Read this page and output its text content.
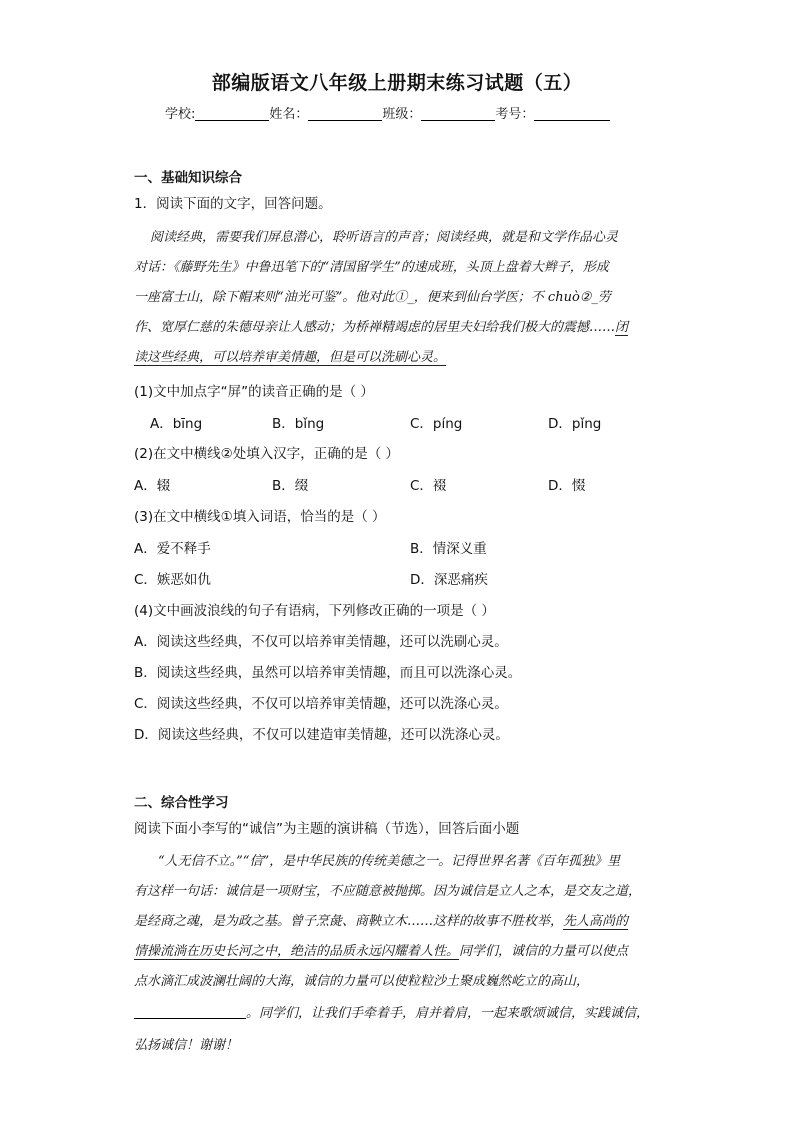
部编版语文八年级上册期末练习试题（五）
学校:	姓名：	班级：	考号：
一、基础知识综合
1．阅读下面的文字，回答问题。
阅读经典，需要我们屏息潜心，聆听语言的声音；阅读经典，就是和文学作品心灵
对话：《藤野先生》中鲁迅笔下的“清国留学生”的速成班，头顶上盘着大辫子，形成
一座富士山，除下帽来则“油光可鉴”。他对此①_，便来到仙台学医；不 chuò②_劳
作、宽厚仁慈的朱德母亲让人感动；为桥禅精竭虑的居里夫妇给我们极大的震撼……闭
读这些经典，可以培养审美情趣，但是可以洗刷心灵。
(1)文中加点字“屏”的读音正确的是（ ）
A．bīng	B．bǐng	C．píng	D．pǐng
(2)在文中横线②处填入汉字，正确的是（ ）
A．辍	B．缀	C．裰	D．惙
(3)在文中横线①填入词语，恰当的是（ ）
A．爱不释手	B．情深义重
C．嫉恶如仇	D．深恶痛疾
(4)文中画波浪线的句子有语病，下列修改正确的一项是（ ）
A．阅读这些经典，不仅可以培养审美情趣，还可以洗刷心灵。
B．阅读这些经典，虽然可以培养审美情趣，而且可以洗涤心灵。
C．阅读这些经典，不仅可以培养审美情趣，还可以洗涤心灵。
D．阅读这些经典，不仅可以建造审美情趣，还可以洗涤心灵。
二、综合性学习
阅读下面小李写的“诚信”为主题的演讲稿（节选），回答后面小题
“人无信不立。”“信”，是中华民族的传统美德之一。记得世界名著《百年孤独》里
有这样一句话：诚信是一项财宝，不应随意被抛掷。因为诚信是立人之本，是交友之道，
是经商之魂，是为政之基。曾子烹彘、商鞅立木……这样的故事不胜枚举，先人高尚的
情操流淌在历史长河之中，绝洁的品质永远闪耀着人性。同学们，诚信的力量可以使点
点水滴汇成波澜壮阔的大海，诚信的力量可以使粒粒沙土聚成巍然屹立的高山，
。同学们，让我们手牵着手，肩并着肩，一起来歌颂诚信，实践诚信，
弘扬诚信！谢谢！
